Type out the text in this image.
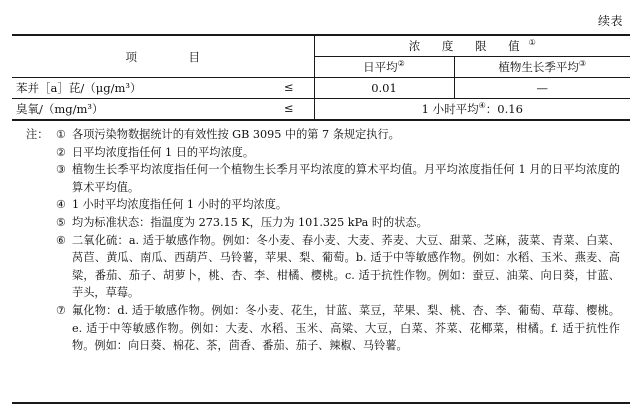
续表
项　目	浓 度 限 值①
	日平均②	植物生长季平均③

苯并［a］芘/（μg/m³） ≤	0.01	—

臭氧/（mg/m³） ≤	1 小时平均④：0.16	
注： ① 各项污染物数据统计的有效性按 GB 3095 中的第 7 条规定执行。
② 日平均浓度指任何 1 日的平均浓度。
③ 植物生长季平均浓度指任何一个植物生长季月平均浓度的算术平均值。月平均浓度指任何 1 月的日平均浓度的算术平均值。
④ 1 小时平均浓度指任何 1 小时的平均浓度。
⑤ 均为标准状态：指温度为 273.15 K，压力为 101.325 kPa 时的状态。
⑥ 二氧化硫：a. 适于敏感作物。例如：冬小麦、春小麦、大麦、荞麦、大豆、甜菜、芝麻，菠菜、青菜、白菜、莴苣、黄瓜、南瓜、西葫芦、马铃薯，苹果、梨、葡萄。b. 适于中等敏感作物。例如：水稻、玉米、燕麦、高粱，番茄、茄子、胡萝卜，桃、杏、李、柑橘、樱桃。c. 适于抗性作物。例如：蚕豆、油菜、向日葵，甘蓝、芋头，草莓。
⑦ 氟化物：d. 适于敏感作物。例如：冬小麦、花生，甘蓝、菜豆，苹果、梨、桃、杏、李、葡萄、草莓、樱桃。e. 适于中等敏感作物。例如：大麦、水稻、玉米、高粱、大豆，白菜、芥菜、花椰菜，柑橘。f. 适于抗性作物。例如：向日葵、棉花、茶，茴香、番茄、茄子、辣椒、马铃薯。
